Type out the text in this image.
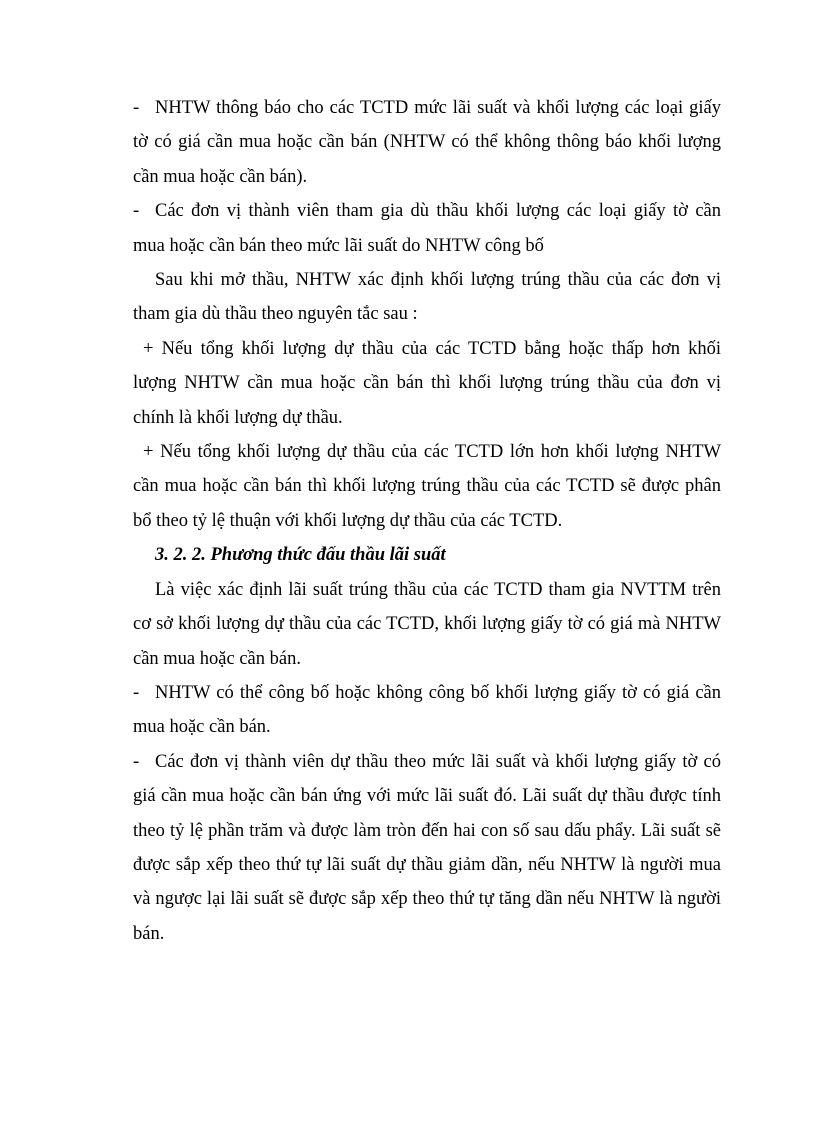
- NHTW thông báo cho các TCTD mức lãi suất và khối lượng các loại giấy
tờ có giá cần mua hoặc cần bán (NHTW có thể không thông báo khối lượng
cần mua hoặc cần bán).
- Các đơn vị thành viên tham gia dù thầu khối lượng các loại giấy tờ cần
mua hoặc cần bán theo mức lãi suất do NHTW công bố
Sau khi mở thầu, NHTW xác định khối lượng trúng thầu của các đơn vị
tham gia dù thầu theo nguyên tắc sau :
+ Nếu tổng khối lượng dự thầu của các TCTD bằng hoặc thấp hơn khối
lượng NHTW cần mua hoặc cần bán thì khối lượng trúng thầu của đơn vị
chính là khối lượng dự thầu.
+ Nếu tổng khối lượng dự thầu của các TCTD lớn hơn khối lượng NHTW
cần mua hoặc cần bán thì khối lượng trúng thầu của các TCTD sẽ được phân
bổ theo tỷ lệ thuận với khối lượng dự thầu của các TCTD.
3. 2. 2. Phương thức đấu thầu lãi suất
Là việc xác định lãi suất trúng thầu của các TCTD tham gia NVTTM trên
cơ sở khối lượng dự thầu của các TCTD, khối lượng giấy tờ có giá mà NHTW
cần mua hoặc cần bán.
- NHTW có thể công bố hoặc không công bố khối lượng giấy tờ có giá cần
mua hoặc cần bán.
- Các đơn vị thành viên dự thầu theo mức lãi suất và khối lượng giấy tờ có
giá cần mua hoặc cần bán ứng với mức lãi suất đó. Lãi suất dự thầu được tính
theo tỷ lệ phần trăm và được làm tròn đến hai con số sau dấu phẩy. Lãi suất sẽ
được sắp xếp theo thứ tự lãi suất dự thầu giảm dần, nếu NHTW là người mua
và ngược lại lãi suất sẽ được sắp xếp theo thứ tự tăng dần nếu NHTW là người
bán.
